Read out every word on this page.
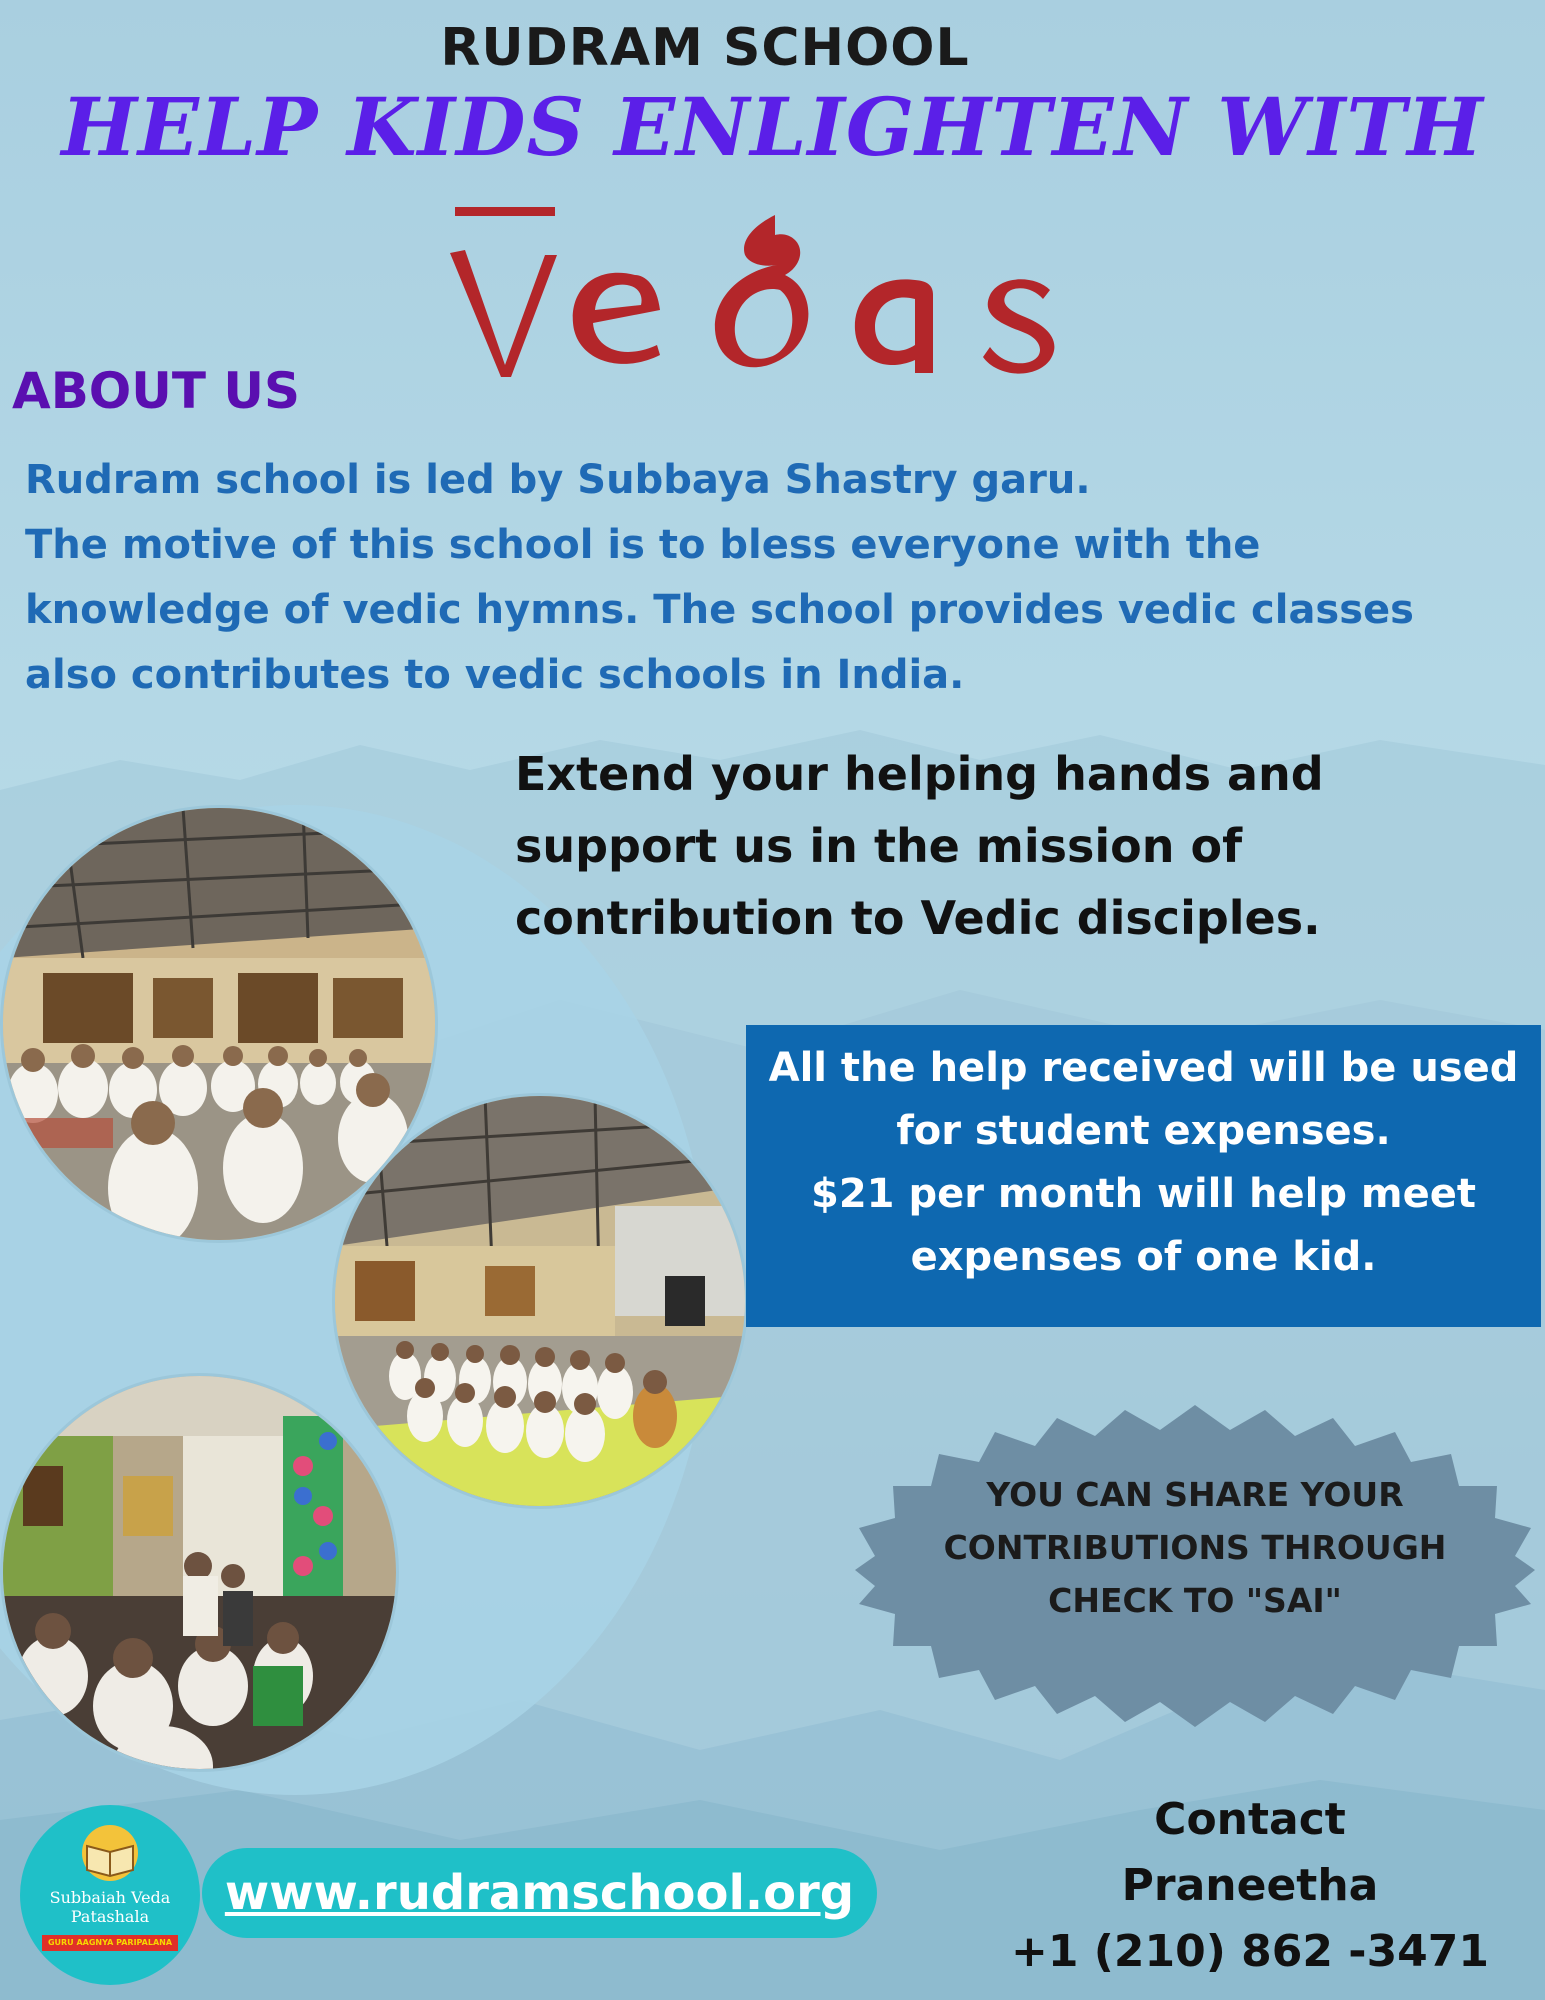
RUDRAM SCHOOL
HELP KIDS ENLIGHTEN WITH
ABOUT US
Rudram school is led by Subbaya Shastry garu.
The motive of this school is to bless everyone with the
knowledge of vedic hymns. The school provides vedic classes
also contributes to vedic schools in India.
Extend your helping hands and
support us in the mission of
contribution to Vedic disciples.
All the help received will be used
for student expenses.
$21 per month will help meet
expenses of one kid.
YOU CAN SHARE YOUR
CONTRIBUTIONS THROUGH
CHECK TO "SAI"
Subbaiah Veda
Patashala
GURU AAGNYA PARIPALANA
www.rudramschool.org
Contact
Praneetha
+1 (210) 862 -3471
